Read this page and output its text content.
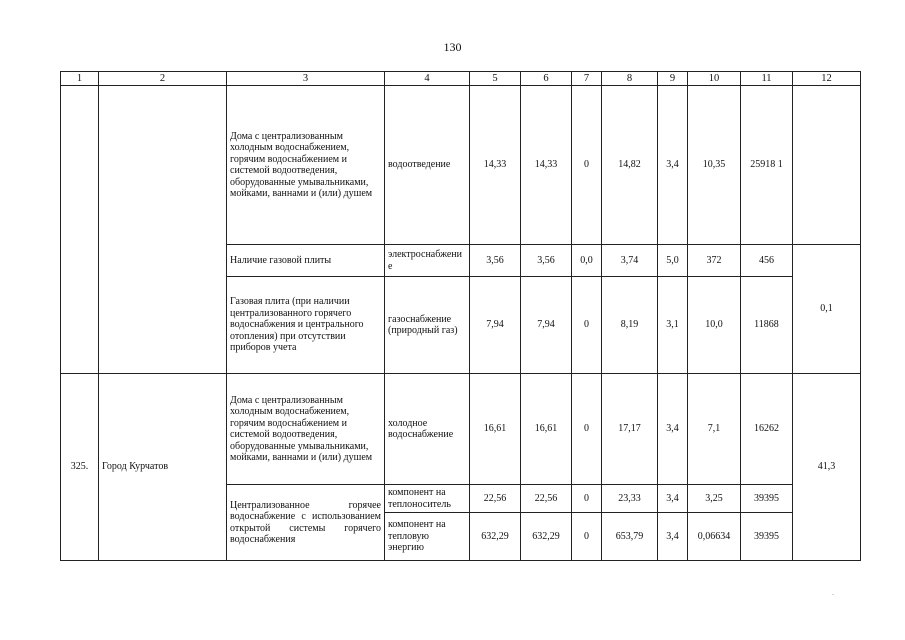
130
1	2	3	4	5	6	7	8	9	10	11	12
		Дома с централизованным холодным водоснабжением, горячим водоснабжением и системой водоотведения, оборудованные умывальниками, мойками, ваннами и (или) душем	водоотведение	14,33	14,33	0	14,82	3,4	10,35	25918 1	
		Наличие газовой плиты	электроснабжение	3,56	3,56	0,0	3,74	5,0	372	456	0,1
		Газовая плита (при наличии централизованного горячего водоснабжения и центрального отопления) при отсутствии приборов учета	газоснабжение (природный газ)	7,94	7,94	0	8,19	3,1	10,0	11868	
325.	Город Курчатов	Дома с централизованным холодным водоснабжением, горячим водоснабжением и системой водоотведения, оборудованные умывальниками, мойками, ваннами и (или) душем	холодное водоснабжение	16,61	16,61	0	17,17	3,4	7,1	16262	41,3
		Централизованное горячее водоснабжение с использованием открытой системы горячего водоснабжения	компонент на теплоноситель	22,56	22,56	0	23,33	3,4	3,25	39395	
			компонент на тепловую энергию	632,29	632,29	0	653,79	3,4	0,06634	39395	
.
